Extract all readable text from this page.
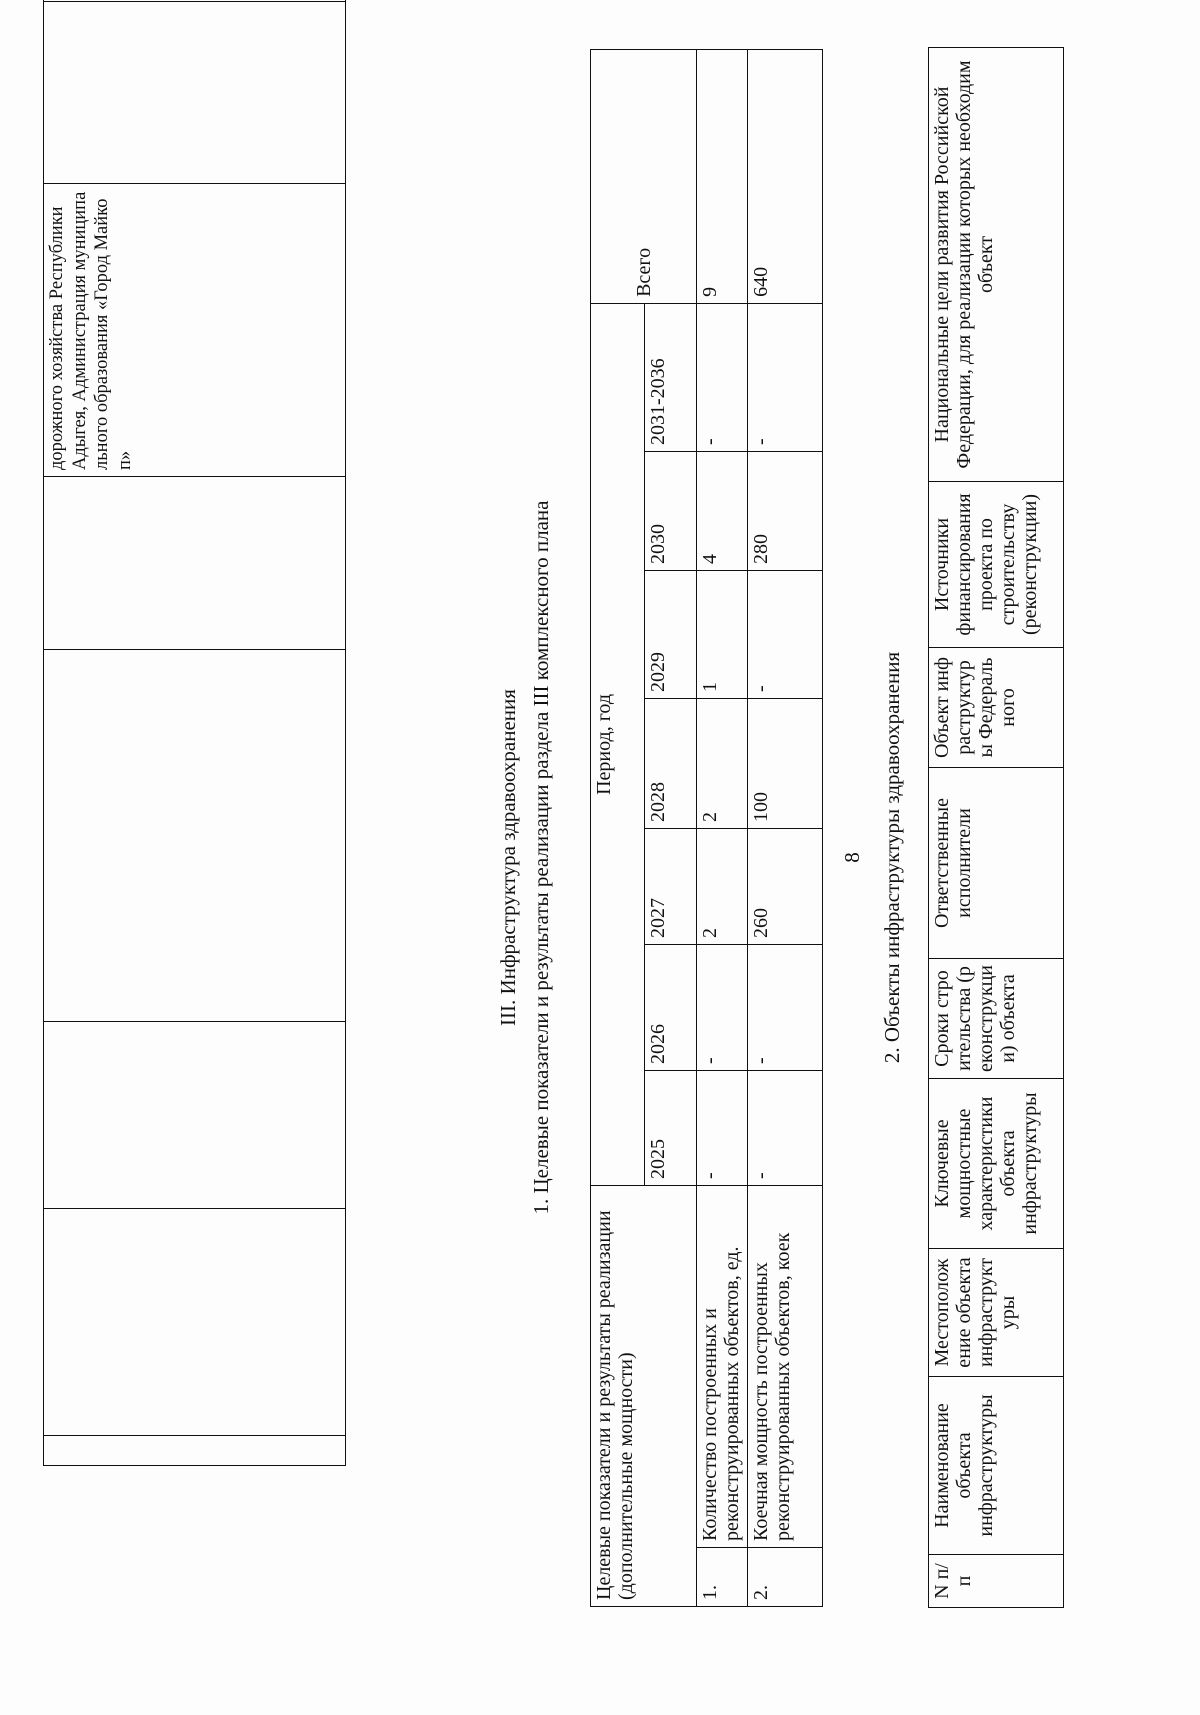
					дорожного хозяйства Республики Адыгея, Администрация муниципального образования «Город Майкоп»		
III. Инфраструктура здравоохранения 1. Целевые показатели и результаты реализации раздела III комплексного плана
Целевые показатели и результаты реализации (дополнительные мощности)		Период, год							Всего
		2025	2026	2027	2028	2029	2030	2031-2036	
1.	Количество построенных и реконструированных объектов, ед.	-	-	2	2	1	4	-	9
2.	Коечная мощность построенных реконструированных объектов, коек	-	-	260	100	-	280	-	640
2. Объекты инфраструктуры здравоохранения
N п/п	Наименование объекта инфраструктуры	Местоположение объекта инфраструктуры	Ключевые мощностные характеристики объекта инфраструктуры	Сроки строительства (реконструкции) объекта	Ответственные исполнители	Объект инфраструктуры Федерального	Источники финансирования проекта по строительству (реконструкции)	Национальные цели развития Российской Федерации, для реализации которых необходим объект
8
